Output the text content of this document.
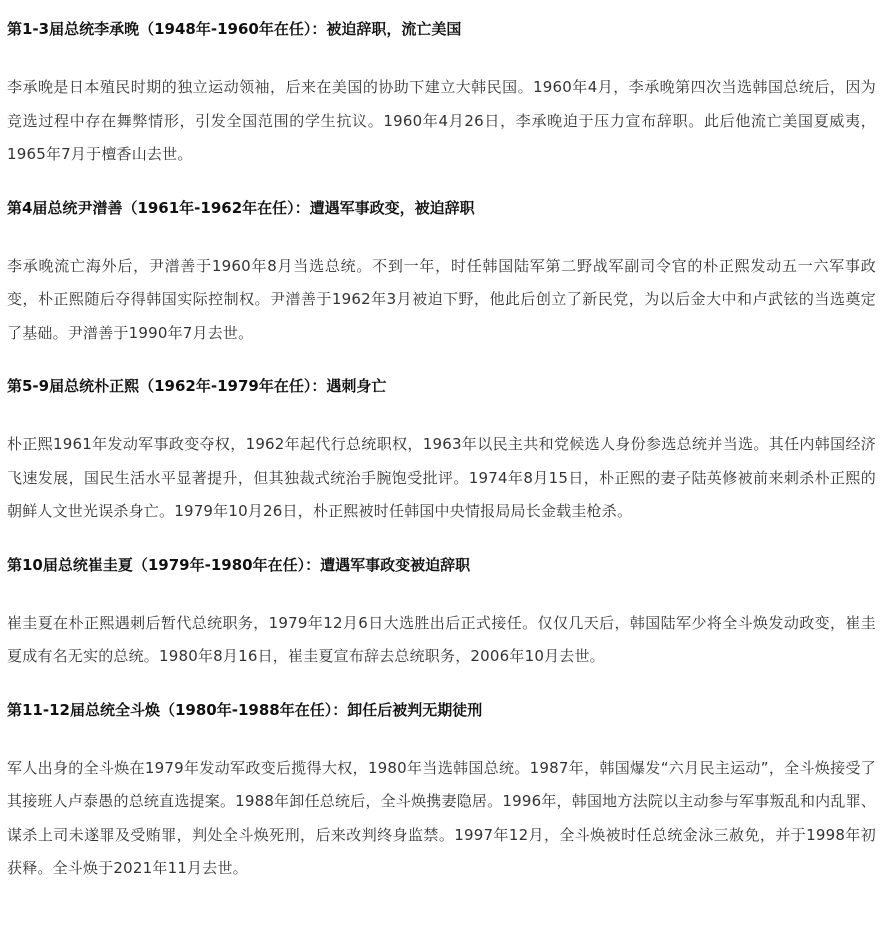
第1-3届总统李承晚（1948年-1960年在任）：被迫辞职，流亡美国

李承晚是日本殖民时期的独立运动领袖，后来在美国的协助下建立大韩民国。1960年4月，李承晚第四次当选韩国总统后，因为竞选过程中存在舞弊情形，引发全国范围的学生抗议。1960年4月26日，李承晚迫于压力宣布辞职。此后他流亡美国夏威夷，1965年7月于檀香山去世。

第4届总统尹潽善（1961年-1962年在任）：遭遇军事政变，被迫辞职

李承晚流亡海外后，尹潽善于1960年8月当选总统。不到一年，时任韩国陆军第二野战军副司令官的朴正熙发动五一六军事政变，朴正熙随后夺得韩国实际控制权。尹潽善于1962年3月被迫下野，他此后创立了新民党，为以后金大中和卢武铉的当选奠定了基础。尹潽善于1990年7月去世。

第5-9届总统朴正熙（1962年-1979年在任）：遇刺身亡

朴正熙1961年发动军事政变夺权，1962年起代行总统职权，1963年以民主共和党候选人身份参选总统并当选。其任内韩国经济飞速发展，国民生活水平显著提升，但其独裁式统治手腕饱受批评。1974年8月15日，朴正熙的妻子陆英修被前来刺杀朴正熙的朝鲜人文世光误杀身亡。1979年10月26日，朴正熙被时任韩国中央情报局局长金载圭枪杀。

第10届总统崔圭夏（1979年-1980年在任）：遭遇军事政变被迫辞职

崔圭夏在朴正熙遇刺后暂代总统职务，1979年12月6日大选胜出后正式接任。仅仅几天后，韩国陆军少将全斗焕发动政变，崔圭夏成有名无实的总统。1980年8月16日，崔圭夏宣布辞去总统职务，2006年10月去世。

第11-12届总统全斗焕（1980年-1988年在任）：卸任后被判无期徒刑

军人出身的全斗焕在1979年发动军政变后揽得大权，1980年当选韩国总统。1987年，韩国爆发“六月民主运动”，全斗焕接受了其接班人卢泰愚的总统直选提案。1988年卸任总统后，全斗焕携妻隐居。1996年，韩国地方法院以主动参与军事叛乱和内乱罪、谋杀上司未遂罪及受贿罪，判处全斗焕死刑，后来改判终身监禁。1997年12月，全斗焕被时任总统金泳三赦免，并于1998年初获释。全斗焕于2021年11月去世。
